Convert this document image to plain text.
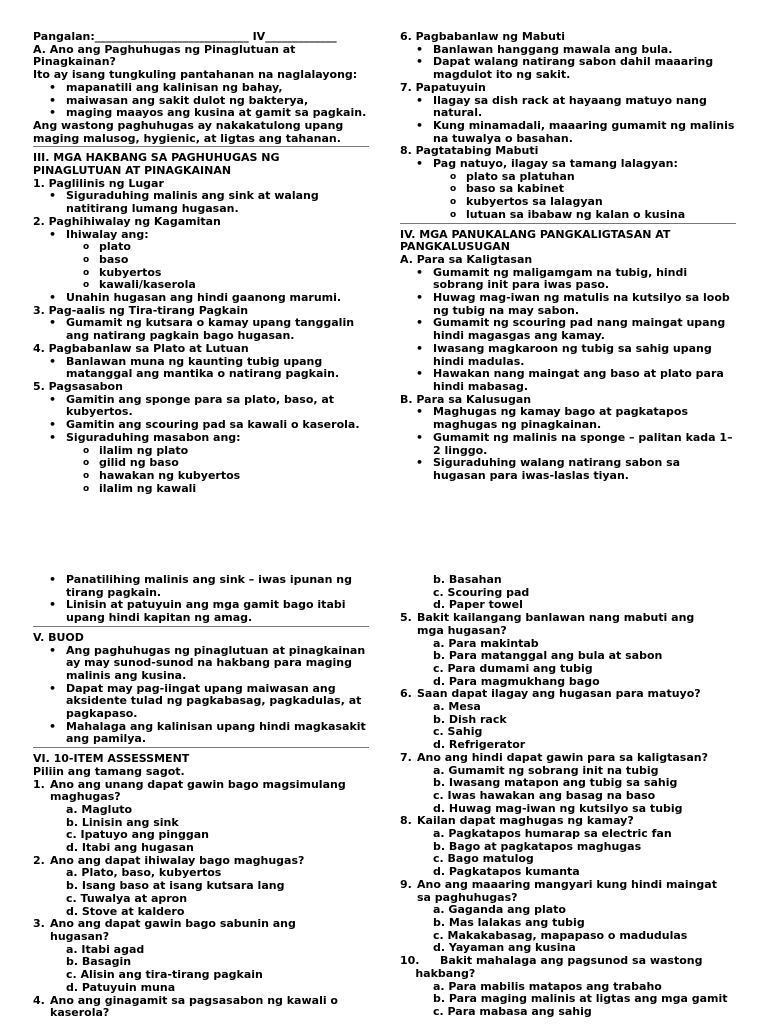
Pangalan:____________________________ IV_____________
A. Ano ang Paghuhugas ng Pinaglutuan at
Pinagkainan?
Ito ay isang tungkuling pantahanan na naglalayong:
• mapanatili ang kalinisan ng bahay,
• maiwasan ang sakit dulot ng bakterya,
• maging maayos ang kusina at gamit sa pagkain.
Ang wastong paghuhugas ay nakakatulong upang
maging malusog, hygienic, at ligtas ang tahanan.
III. MGA HAKBANG SA PAGHUHUGAS NG
PINAGLUTUAN AT PINAGKAINAN
1. Paglilinis ng Lugar
• Siguraduhing malinis ang sink at walang
natitirang lumang hugasan.
2. Paghihiwalay ng Kagamitan
• Ihiwalay ang:
o plato
o baso
o kubyertos
o kawali/kaserola
• Unahin hugasan ang hindi gaanong marumi.
3. Pag-aalis ng Tira-tirang Pagkain
• Gumamit ng kutsara o kamay upang tanggalin
ang natirang pagkain bago hugasan.
4. Pagbabanlaw sa Plato at Lutuan
• Banlawan muna ng kaunting tubig upang
matanggal ang mantika o natirang pagkain.
5. Pagsasabon
• Gamitin ang sponge para sa plato, baso, at
kubyertos.
• Gamitin ang scouring pad sa kawali o kaserola.
• Siguraduhing masabon ang:
o ilalim ng plato
o gilid ng baso
o hawakan ng kubyertos
o ilalim ng kawali
6. Pagbabanlaw ng Mabuti
• Banlawan hanggang mawala ang bula.
• Dapat walang natirang sabon dahil maaaring
magdulot ito ng sakit.
7. Papatuyuin
• Ilagay sa dish rack at hayaang matuyo nang
natural.
• Kung minamadali, maaaring gumamit ng malinis
na tuwalya o basahan.
8. Pagtatabing Mabuti
• Pag natuyo, ilagay sa tamang lalagyan:
o plato sa platuhan
o baso sa kabinet
o kubyertos sa lalagyan
o lutuan sa ibabaw ng kalan o kusina
IV. MGA PANUKALANG PANGKALIGTASAN AT
PANGKALUSUGAN
A. Para sa Kaligtasan
• Gumamit ng maligamgam na tubig, hindi
sobrang init para iwas paso.
• Huwag mag-iwan ng matulis na kutsilyo sa loob
ng tubig na may sabon.
• Gumamit ng scouring pad nang maingat upang
hindi magasgas ang kamay.
• Iwasang magkaroon ng tubig sa sahig upang
hindi madulas.
• Hawakan nang maingat ang baso at plato para
hindi mabasag.
B. Para sa Kalusugan
• Maghugas ng kamay bago at pagkatapos
maghugas ng pinagkainan.
• Gumamit ng malinis na sponge – palitan kada 1–
2 linggo.
• Siguraduhing walang natirang sabon sa
hugasan para iwas-laslas tiyan.
• Panatilihing malinis ang sink – iwas ipunan ng
tirang pagkain.
• Linisin at patuyuin ang mga gamit bago itabi
upang hindi kapitan ng amag.
V. BUOD
• Ang paghuhugas ng pinaglutuan at pinagkainan
ay may sunod-sunod na hakbang para maging
malinis ang kusina.
• Dapat may pag-iingat upang maiwasan ang
aksidente tulad ng pagkabasag, pagkadulas, at
pagkapaso.
• Mahalaga ang kalinisan upang hindi magkasakit
ang pamilya.
VI. 10-ITEM ASSESSMENT
Piliin ang tamang sagot.
1. Ano ang unang dapat gawin bago magsimulang
maghugas?
a. Magluto
b. Linisin ang sink
c. Ipatuyo ang pinggan
d. Itabi ang hugasan
2. Ano ang dapat ihiwalay bago maghugas?
a. Plato, baso, kubyertos
b. Isang baso at isang kutsara lang
c. Tuwalya at apron
d. Stove at kaldero
3. Ano ang dapat gawin bago sabunin ang
hugasan?
a. Itabi agad
b. Basagin
c. Alisin ang tira-tirang pagkain
d. Patuyuin muna
4. Ano ang ginagamit sa pagsasabon ng kawali o
kaserola?
b. Basahan
c. Scouring pad
d. Paper towel
5. Bakit kailangang banlawan nang mabuti ang
mga hugasan?
a. Para makintab
b. Para matanggal ang bula at sabon
c. Para dumami ang tubig
d. Para magmukhang bago
6. Saan dapat ilagay ang hugasan para matuyo?
a. Mesa
b. Dish rack
c. Sahig
d. Refrigerator
7. Ano ang hindi dapat gawin para sa kaligtasan?
a. Gumamit ng sobrang init na tubig
b. Iwasang matapon ang tubig sa sahig
c. Iwas hawakan ang basag na baso
d. Huwag mag-iwan ng kutsilyo sa tubig
8. Kailan dapat maghugas ng kamay?
a. Pagkatapos humarap sa electric fan
b. Bago at pagkatapos maghugas
c. Bago matulog
d. Pagkatapos kumanta
9. Ano ang maaaring mangyari kung hindi maingat
sa paghuhugas?
a. Gaganda ang plato
b. Mas lalakas ang tubig
c. Makakabasag, mapapaso o madudulas
d. Yayaman ang kusina
10.
Bakit mahalaga ang pagsunod sa wastong
hakbang?
a. Para mabilis matapos ang trabaho
b. Para maging malinis at ligtas ang mga gamit
c. Para mabasa ang sahig
